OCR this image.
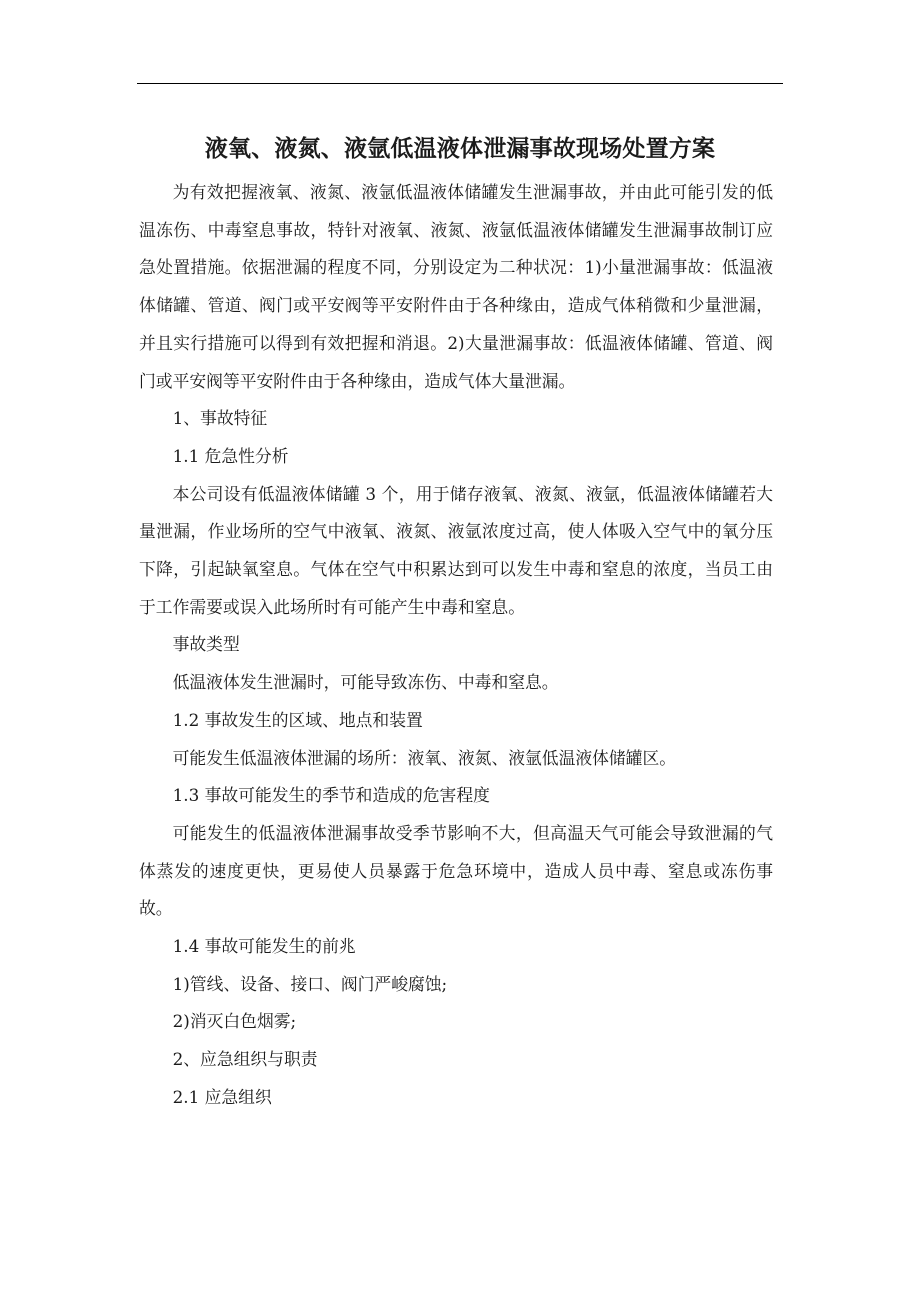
液氧、液氮、液氩低温液体泄漏事故现场处置方案

为有效把握液氧、液氮、液氩低温液体储罐发生泄漏事故，并由此可能引发的低温冻伤、中毒窒息事故，特针对液氧、液氮、液氩低温液体储罐发生泄漏事故制订应急处置措施。依据泄漏的程度不同，分别设定为二种状况：1)小量泄漏事故：低温液体储罐、管道、阀门或平安阀等平安附件由于各种缘由，造成气体稍微和少量泄漏，并且实行措施可以得到有效把握和消退。2)大量泄漏事故：低温液体储罐、管道、阀门或平安阀等平安附件由于各种缘由，造成气体大量泄漏。

1、事故特征

1.1 危急性分析

本公司设有低温液体储罐 3 个，用于储存液氧、液氮、液氩，低温液体储罐若大量泄漏，作业场所的空气中液氧、液氮、液氩浓度过高，使人体吸入空气中的氧分压下降，引起缺氧窒息。气体在空气中积累达到可以发生中毒和窒息的浓度，当员工由于工作需要或误入此场所时有可能产生中毒和窒息。

事故类型

低温液体发生泄漏时，可能导致冻伤、中毒和窒息。

1.2 事故发生的区域、地点和装置

可能发生低温液体泄漏的场所：液氧、液氮、液氩低温液体储罐区。

1.3 事故可能发生的季节和造成的危害程度

可能发生的低温液体泄漏事故受季节影响不大，但高温天气可能会导致泄漏的气体蒸发的速度更快，更易使人员暴露于危急环境中，造成人员中毒、窒息或冻伤事故。

1.4 事故可能发生的前兆

1)管线、设备、接口、阀门严峻腐蚀;

2)消灭白色烟雾;

2、应急组织与职责

2.1 应急组织
